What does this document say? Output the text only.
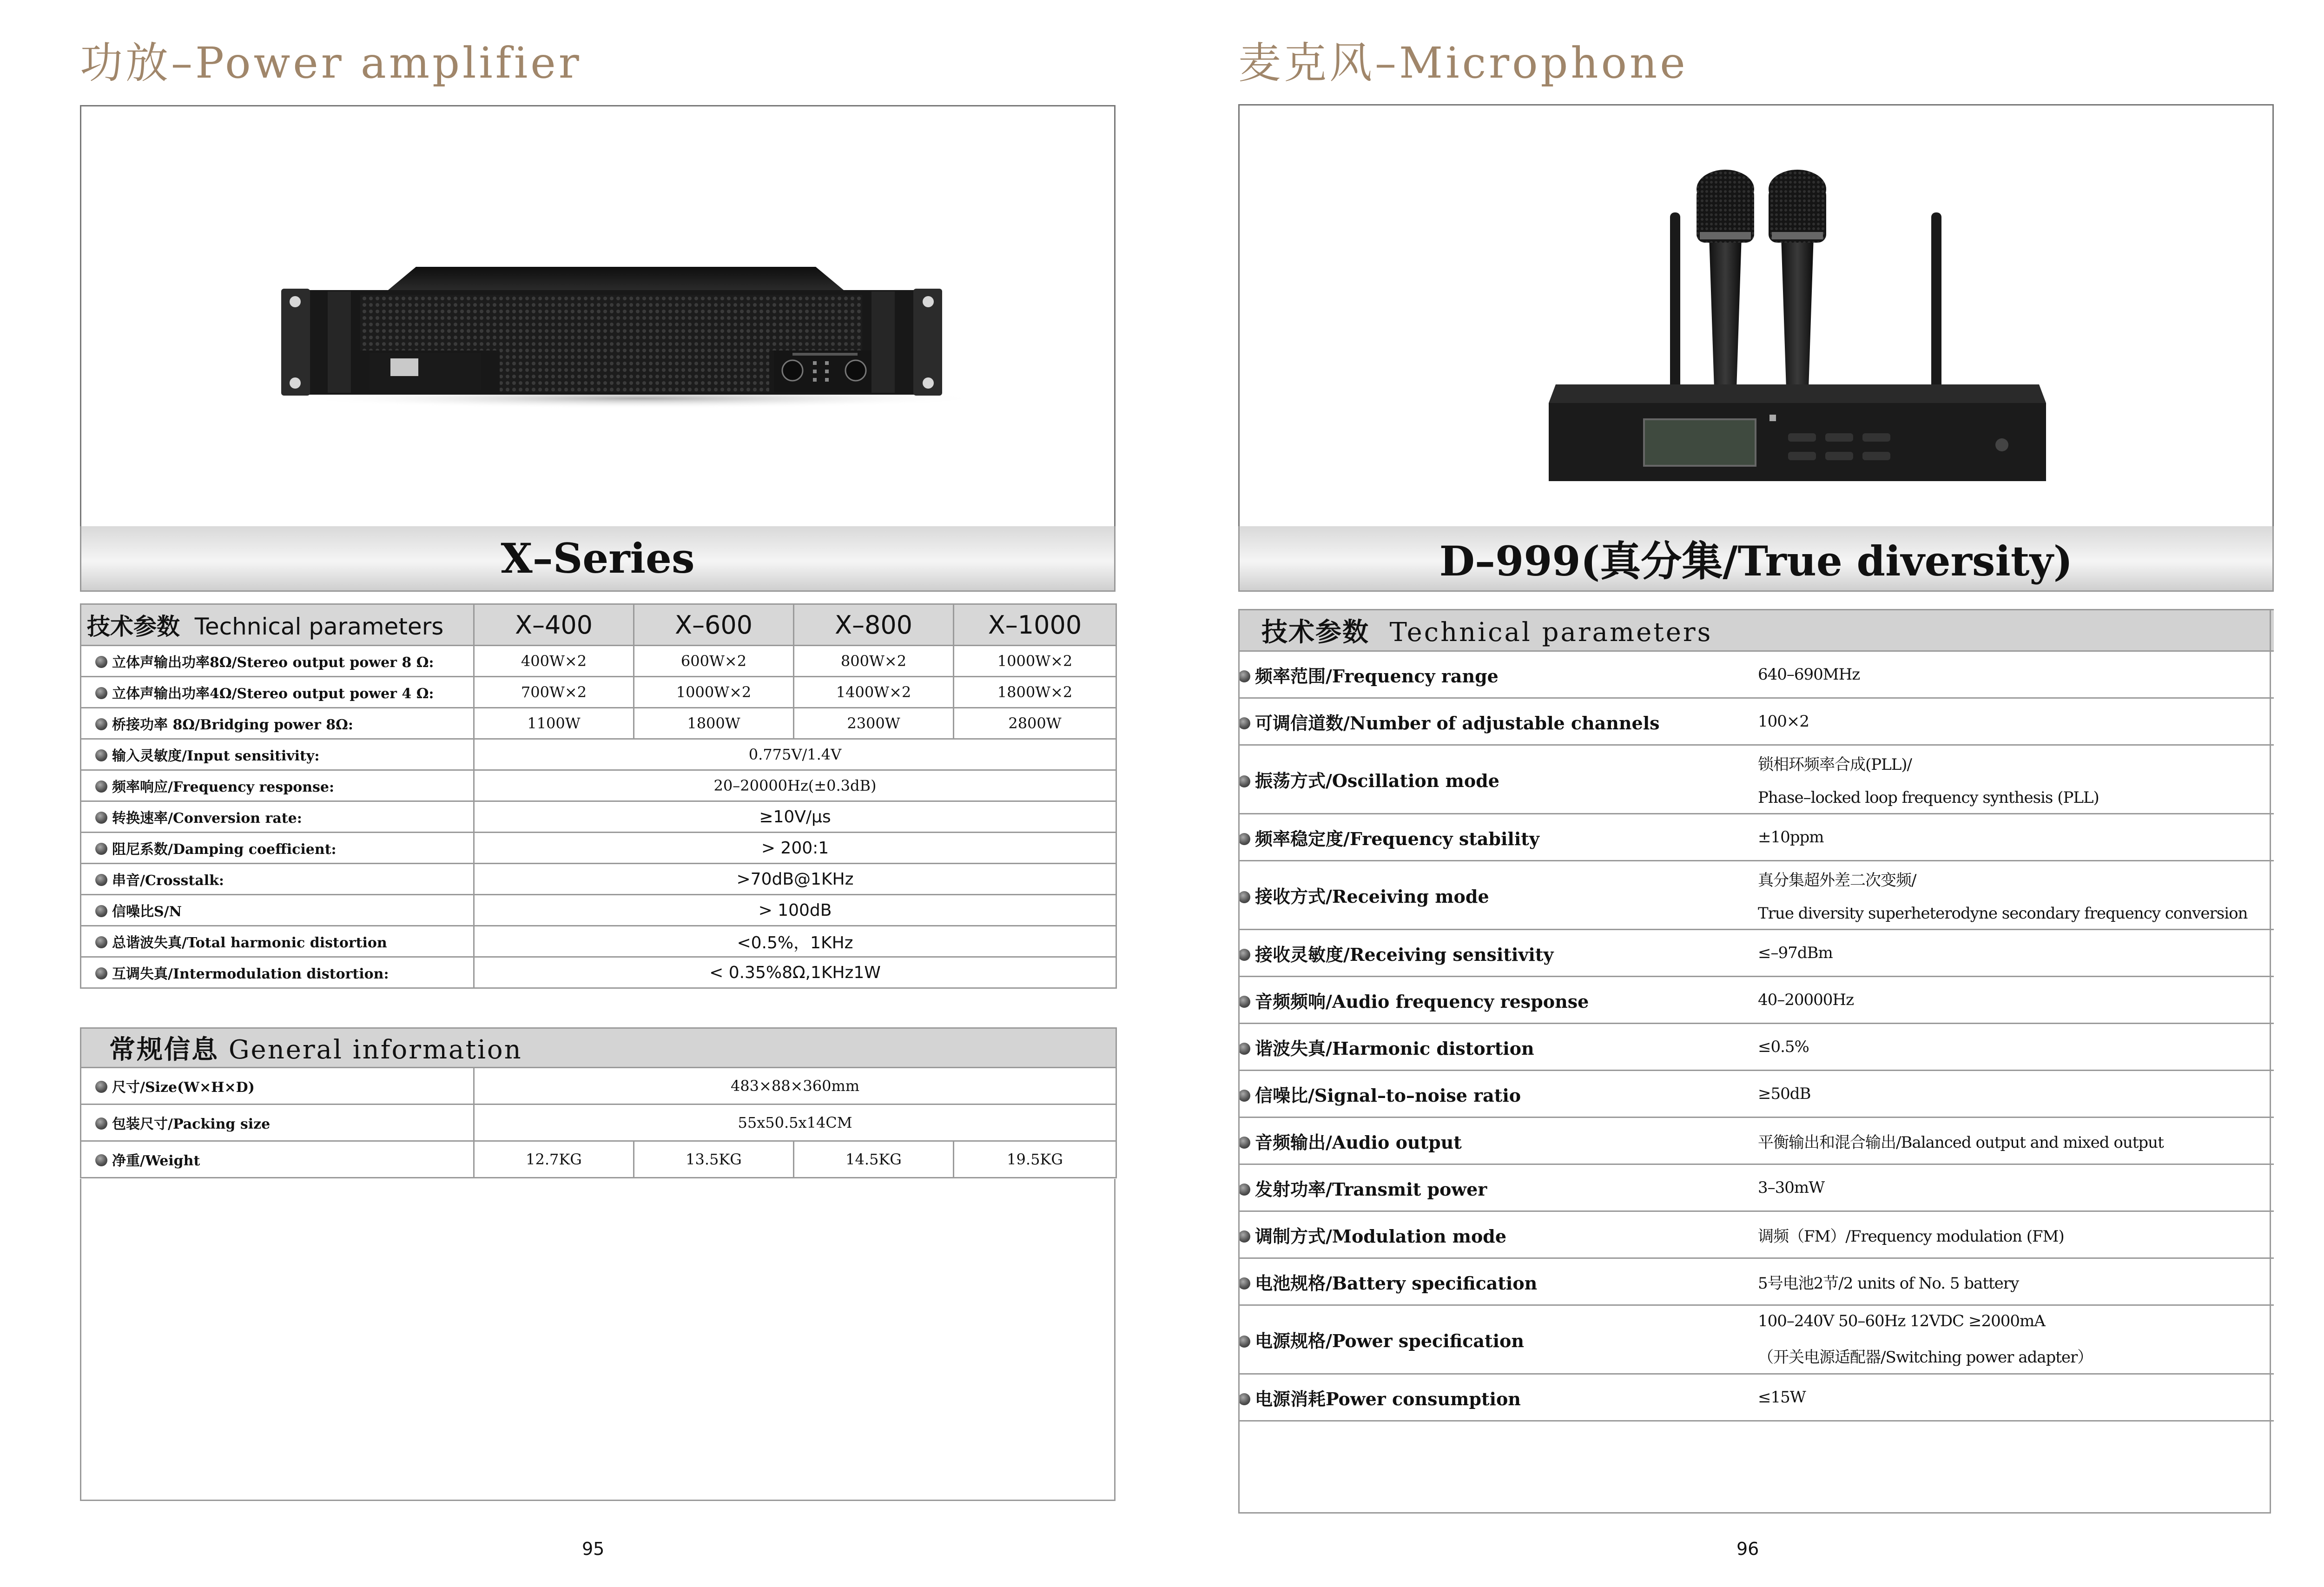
功放–Power amplifier
X–Series
技术参数 Technical parameters	X–400	X–600	X–800	X–1000
立体声输出功率8Ω/Stereo output power 8 Ω:	400W×2	600W×2	800W×2	1000W×2
立体声输出功率4Ω/Stereo output power 4 Ω:	700W×2	1000W×2	1400W×2	1800W×2
桥接功率 8Ω/Bridging power 8Ω:	1100W	1800W	2300W	2800W
输入灵敏度/Input sensitivity:	0.775V/1.4V			
频率响应/Frequency response:	20–20000Hz(±0.3dB)			
转换速率/Conversion rate:	≥10V/μs			
阻尼系数/Damping coefficient:	> 200:1			
串音/Crosstalk:	>70dB@1KHz			
信噪比S/N	> 100dB			
总谐波失真/Total harmonic distortion	<0.5%，1KHz			
互调失真/Intermodulation distortion:	< 0.35%8Ω,1KHz1W			
常规信息 General information				
尺寸/Size(W×H×D)	483×88×360mm			
包装尺寸/Packing size	55x50.5x14CM			
净重/Weight	12.7KG	13.5KG	14.5KG	19.5KG
95
麦克风–Microphone
D–999(真分集/True diversity)
技术参数 Technical parameters	
频率范围/Frequency range	640–690MHz
可调信道数/Number of adjustable channels	100×2
振荡方式/Oscillation mode	锁相环频率合成(PLL)/
Phase–locked loop frequency synthesis (PLL)

频率稳定度/Frequency stability	±10ppm
接收方式/Receiving mode	真分集超外差二次变频/
True diversity superheterodyne secondary frequency conversion

接收灵敏度/Receiving sensitivity	≤–97dBm
音频频响/Audio frequency response	40–20000Hz
谐波失真/Harmonic distortion	≤0.5%
信噪比/Signal–to–noise ratio	≥50dB
音频输出/Audio output	平衡输出和混合输出/Balanced output and mixed output
发射功率/Transmit power	3–30mW
调制方式/Modulation mode	调频（FM）/Frequency modulation (FM)
电池规格/Battery specification	5号电池2节/2 units of No. 5 battery
电源规格/Power specification	100–240V 50–60Hz 12VDC ≥2000mA
（开关电源适配器/Switching power adapter）

电源消耗Power consumption	≤15W
96
